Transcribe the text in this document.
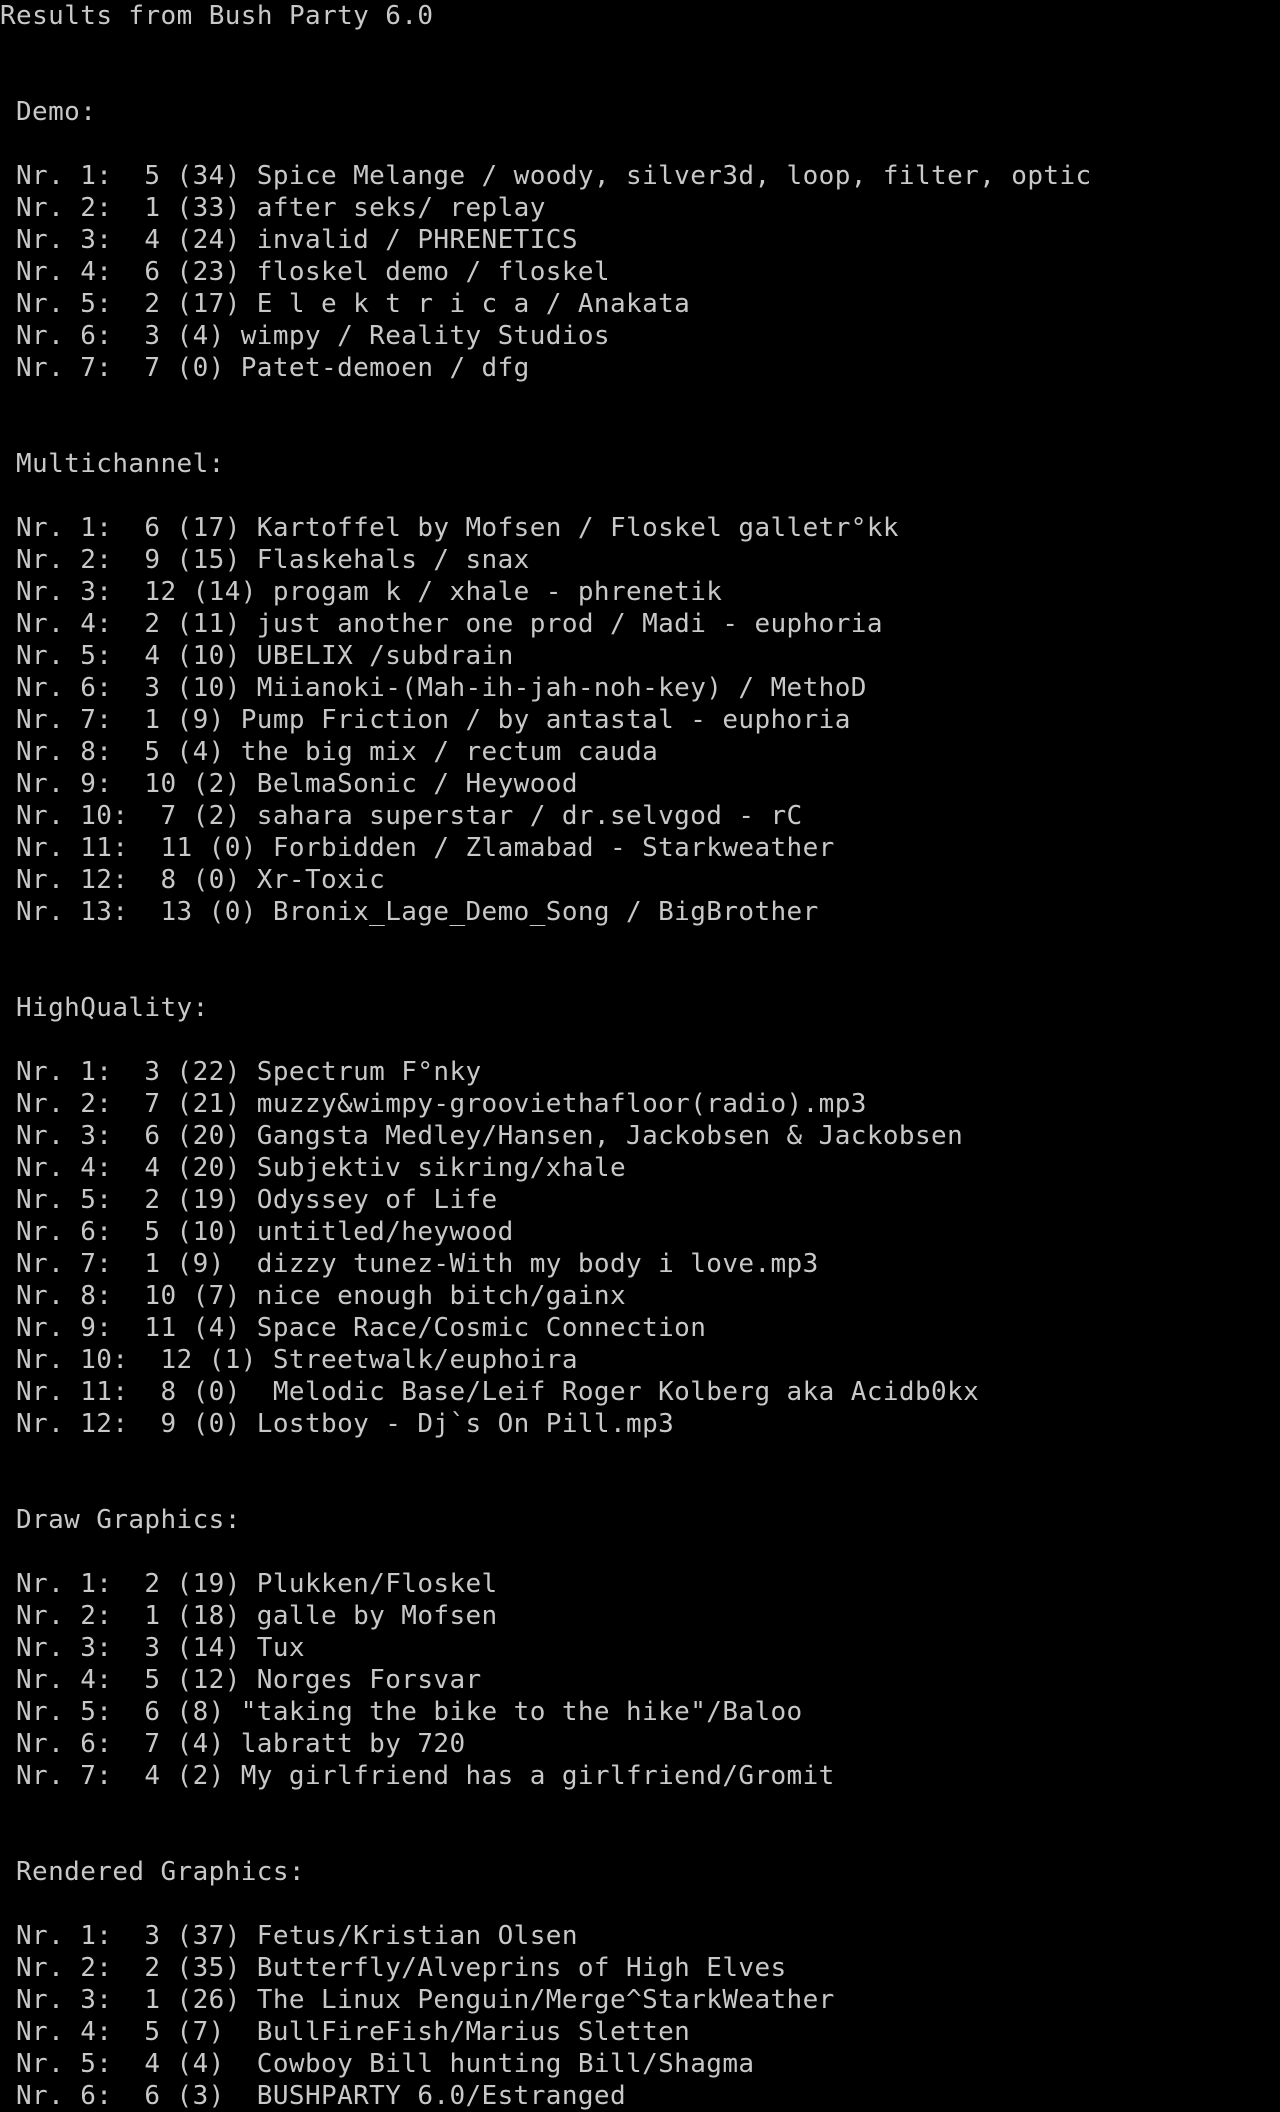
Results from Bush Party 6.0
Demo:
Nr. 1:  5 (34) Spice Melange / woody, silver3d, loop, filter, optic
Nr. 2:  1 (33) after seks/ replay
Nr. 3:  4 (24) invalid / PHRENETICS
Nr. 4:  6 (23) floskel demo / floskel
Nr. 5:  2 (17) E l e k t r i c a / Anakata
Nr. 6:  3 (4) wimpy / Reality Studios
Nr. 7:  7 (0) Patet-demoen / dfg
Multichannel:
Nr. 1:  6 (17) Kartoffel by Mofsen / Floskel galletr°kk
Nr. 2:  9 (15) Flaskehals / snax
Nr. 3:  12 (14) progam k / xhale - phrenetik
Nr. 4:  2 (11) just another one prod / Madi - euphoria
Nr. 5:  4 (10) UBELIX /subdrain
Nr. 6:  3 (10) Miianoki-(Mah-ih-jah-noh-key) / MethoD
Nr. 7:  1 (9) Pump Friction / by antastal - euphoria
Nr. 8:  5 (4) the big mix / rectum cauda
Nr. 9:  10 (2) BelmaSonic / Heywood
Nr. 10:  7 (2) sahara superstar / dr.selvgod - rC
Nr. 11:  11 (0) Forbidden / Zlamabad - Starkweather
Nr. 12:  8 (0) Xr-Toxic
Nr. 13:  13 (0) Bronix_Lage_Demo_Song / BigBrother
HighQuality:
Nr. 1:  3 (22) Spectrum F°nky
Nr. 2:  7 (21) muzzy&wimpy-grooviethafloor(radio).mp3
Nr. 3:  6 (20) Gangsta Medley/Hansen, Jackobsen & Jackobsen
Nr. 4:  4 (20) Subjektiv sikring/xhale
Nr. 5:  2 (19) Odyssey of Life
Nr. 6:  5 (10) untitled/heywood
Nr. 7:  1 (9)  dizzy tunez-With my body i love.mp3
Nr. 8:  10 (7) nice enough bitch/gainx
Nr. 9:  11 (4) Space Race/Cosmic Connection
Nr. 10:  12 (1) Streetwalk/euphoira
Nr. 11:  8 (0)  Melodic Base/Leif Roger Kolberg aka Acidb0kx
Nr. 12:  9 (0) Lostboy - Dj`s On Pill.mp3
Draw Graphics:
Nr. 1:  2 (19) Plukken/Floskel
Nr. 2:  1 (18) galle by Mofsen
Nr. 3:  3 (14) Tux
Nr. 4:  5 (12) Norges Forsvar
Nr. 5:  6 (8) "taking the bike to the hike"/Baloo
Nr. 6:  7 (4) labratt by 720
Nr. 7:  4 (2) My girlfriend has a girlfriend/Gromit
Rendered Graphics:
Nr. 1:  3 (37) Fetus/Kristian Olsen
Nr. 2:  2 (35) Butterfly/Alveprins of High Elves
Nr. 3:  1 (26) The Linux Penguin/Merge^StarkWeather
Nr. 4:  5 (7)  BullFireFish/Marius Sletten
Nr. 5:  4 (4)  Cowboy Bill hunting Bill/Shagma
Nr. 6:  6 (3)  BUSHPARTY 6.0/Estranged
